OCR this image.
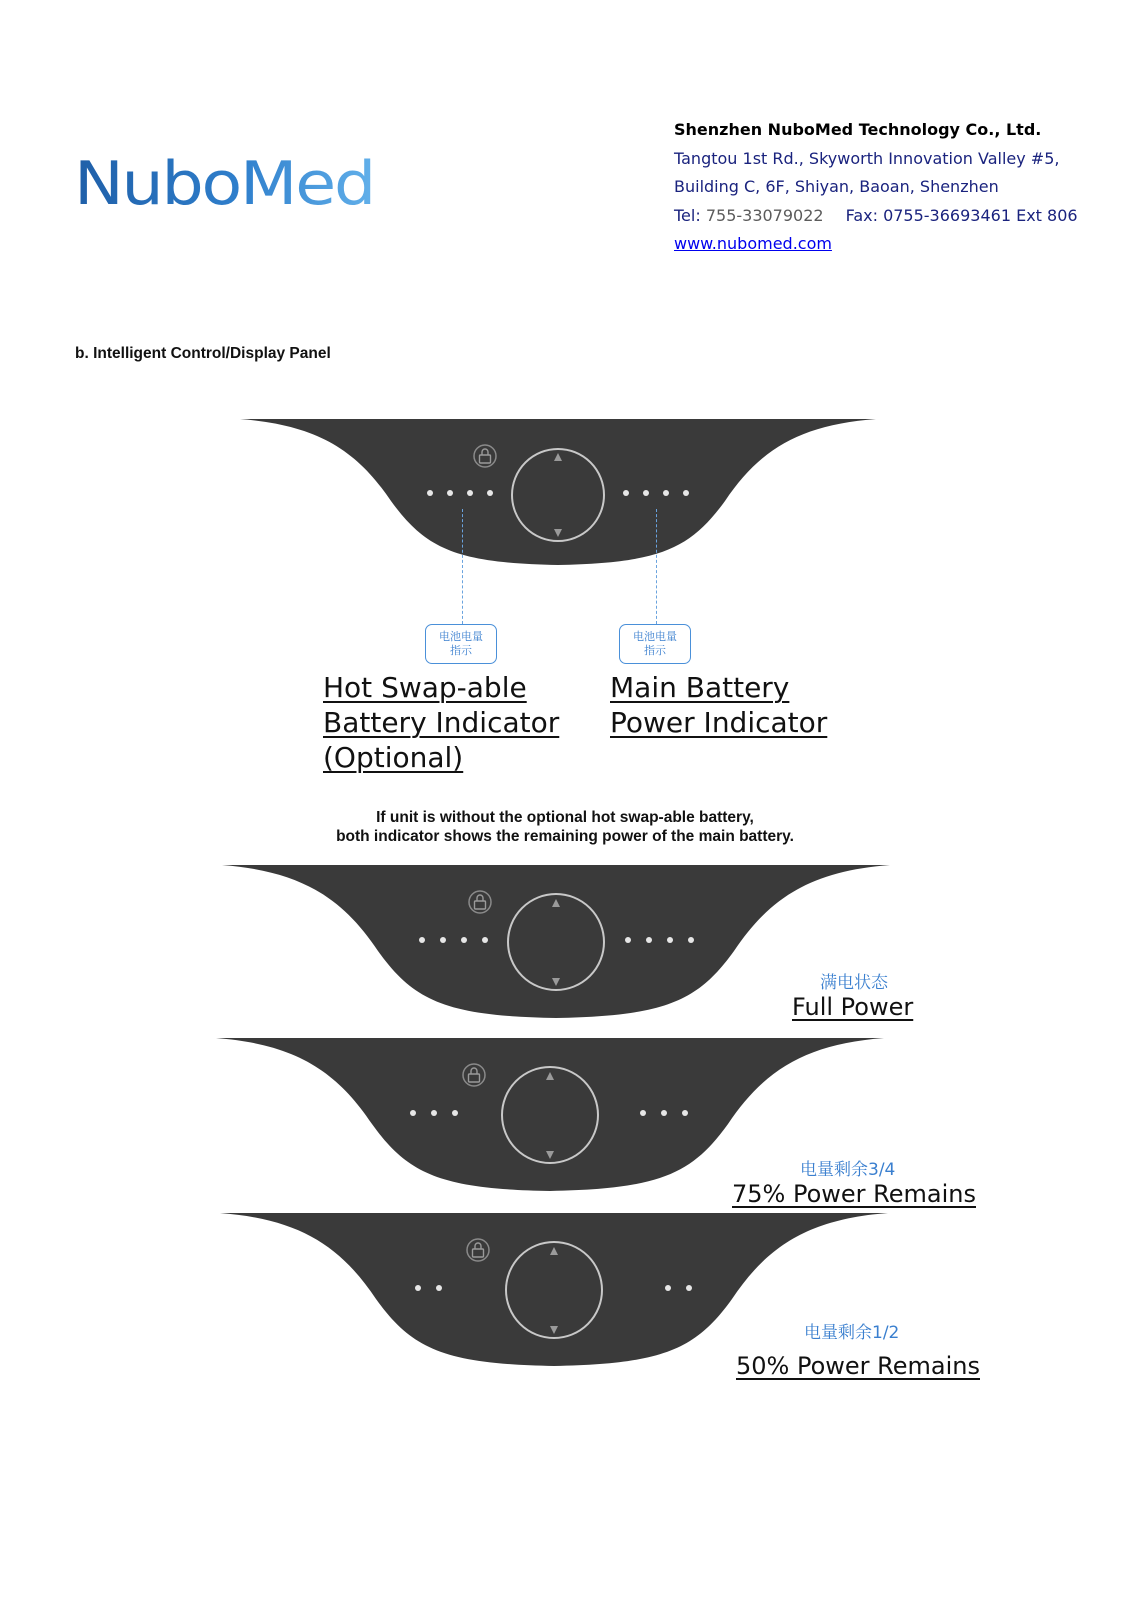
NuboMed
Shenzhen NuboMed Technology Co., Ltd.
Tangtou 1st Rd., Skyworth Innovation Valley #5,
Building C, 6F, Shiyan, Baoan, Shenzhen
Tel: 755-33079022 Fax: 0755-36693461 Ext 806
www.nubomed.com
b. Intelligent Control/Display Panel
电池电量
指示
电池电量
指示
Hot Swap-able
Battery Indicator
(Optional)
Main Battery
Power Indicator
If unit is without the optional hot swap-able battery,
both indicator shows the remaining power of the main battery.
满电状态
Full Power
电量剩余3/4
75% Power Remains
电量剩余1/2
50% Power Remains
